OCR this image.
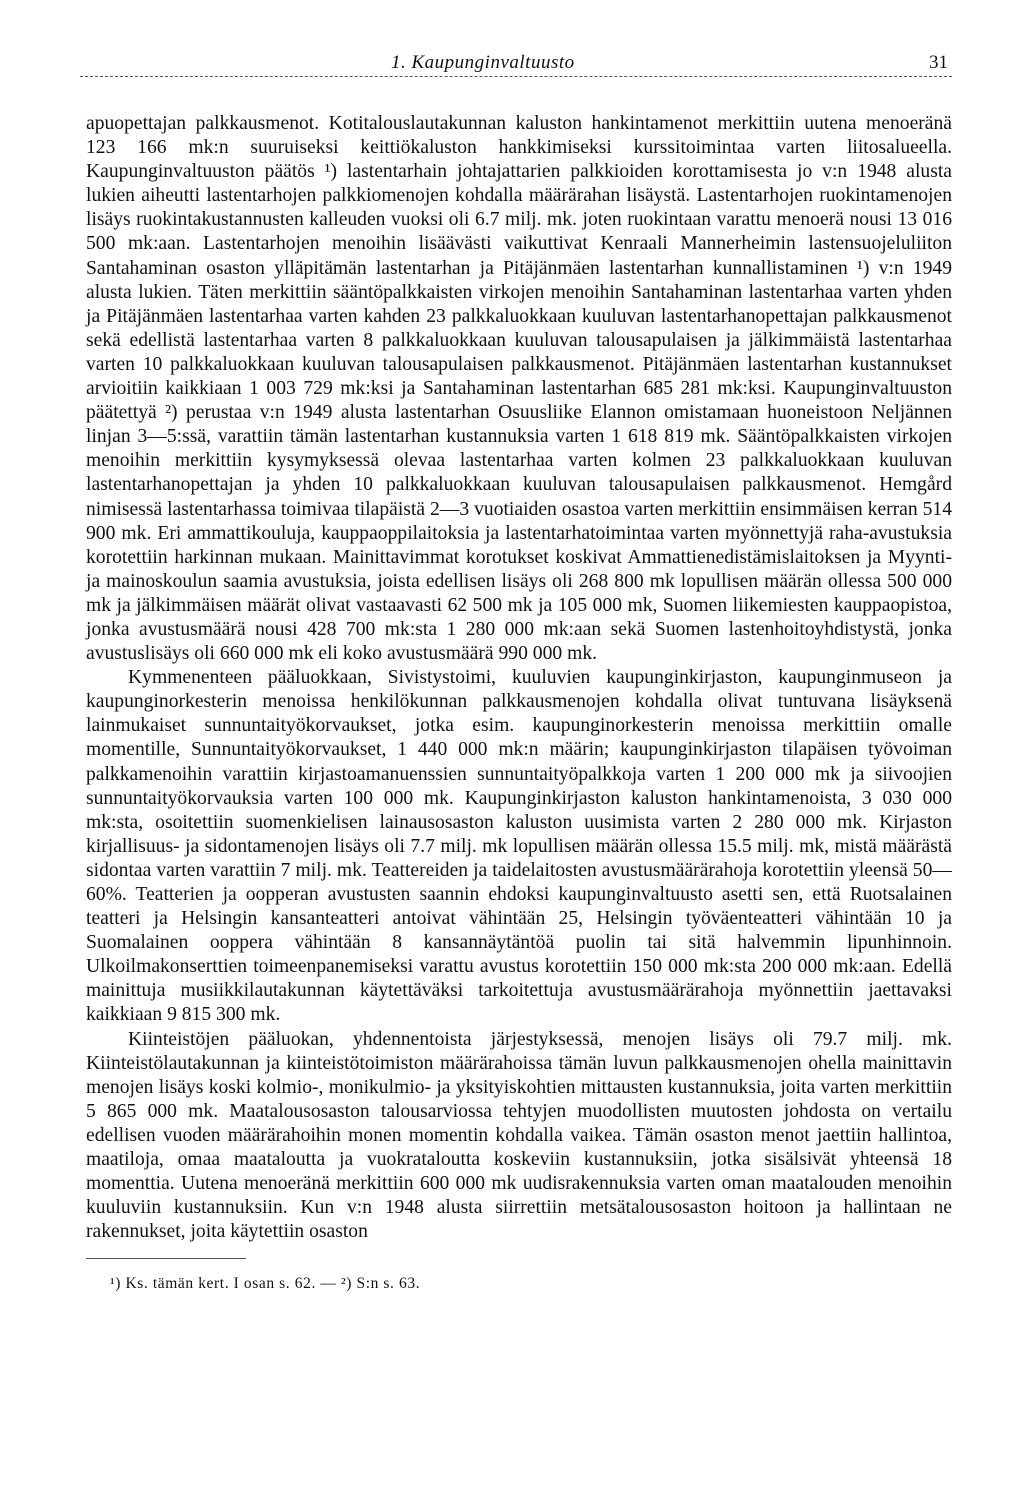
1. Kaupunginvaltuusto	31

apuopettajan palkkausmenot. Kotitalouslautakunnan kaluston hankintamenot merkittiin uutena menoeränä 123 166 mk:n suuruiseksi keittiökaluston hankkimiseksi kurssitoimintaa varten liitosalueella. Kaupunginvaltuuston päätös ¹) lastentarhain johtajattarien palkkioiden korottamisesta jo v:n 1948 alusta lukien aiheutti lastentarhojen palkkiomenojen kohdalla määrärahan lisäystä. Lastentarhojen ruokintamenojen lisäys ruokintakustannusten kalleuden vuoksi oli 6.7 milj. mk. joten ruokintaan varattu menoerä nousi 13 016 500 mk:aan. Lastentarhojen menoihin lisäävästi vaikuttivat Kenraali Mannerheimin lastensuojeluliiton Santahaminan osaston ylläpitämän lastentarhan ja Pitäjänmäen lastentarhan kunnallistaminen ¹) v:n 1949 alusta lukien. Täten merkittiin sääntöpalkkaisten virkojen menoihin Santahaminan lastentarhaa varten yhden ja Pitäjänmäen lastentarhaa varten kahden 23 palkkaluokkaan kuuluvan lastentarhanopettajan palkkausmenot sekä edellistä lastentarhaa varten 8 palkkaluokkaan kuuluvan talousapulaisen ja jälkimmäistä lastentarhaa varten 10 palkkaluokkaan kuuluvan talousapulaisen palkkausmenot. Pitäjänmäen lastentarhan kustannukset arvioitiin kaikkiaan 1 003 729 mk:ksi ja Santahaminan lastentarhan 685 281 mk:ksi. Kaupunginvaltuuston päätettyä ²) perustaa v:n 1949 alusta lastentarhan Osuusliike Elannon omistamaan huoneistoon Neljännen linjan 3—5:ssä, varattiin tämän lastentarhan kustannuksia varten 1 618 819 mk. Sääntöpalkkaisten virkojen menoihin merkittiin kysymyksessä olevaa lastentarhaa varten kolmen 23 palkkaluokkaan kuuluvan lastentarhanopettajan ja yhden 10 palkkaluokkaan kuuluvan talousapulaisen palkkausmenot. Hemgård nimisessä lastentarhassa toimivaa tilapäistä 2—3 vuotiaiden osastoa varten merkittiin ensimmäisen kerran 514 900 mk. Eri ammattikouluja, kauppaoppilaitoksia ja lastentarhatoimintaa varten myönnettyjä raha-avustuksia korotettiin harkinnan mukaan. Mainittavimmat korotukset koskivat Ammattienedistämislaitoksen ja Myynti- ja mainoskoulun saamia avustuksia, joista edellisen lisäys oli 268 800 mk lopullisen määrän ollessa 500 000 mk ja jälkimmäisen määrät olivat vastaavasti 62 500 mk ja 105 000 mk, Suomen liikemiesten kauppaopistoa, jonka avustusmäärä nousi 428 700 mk:sta 1 280 000 mk:aan sekä Suomen lastenhoitoyhdistystä, jonka avustuslisäys oli 660 000 mk eli koko avustusmäärä 990 000 mk.

Kymmenenteen pääluokkaan, Sivistystoimi, kuuluvien kaupunginkirjaston, kaupunginmuseon ja kaupunginorkesterin menoissa henkilökunnan palkkausmenojen kohdalla olivat tuntuvana lisäyksenä lainmukaiset sunnuntaityökorvaukset, jotka esim. kaupunginorkesterin menoissa merkittiin omalle momentille, Sunnuntaityökorvaukset, 1 440 000 mk:n määrin; kaupunginkirjaston tilapäisen työvoiman palkkamenoihin varattiin kirjastoamanuenssien sunnuntaityöpalkkoja varten 1 200 000 mk ja siivoojien sunnuntaityökorvauksia varten 100 000 mk. Kaupunginkirjaston kaluston hankintamenoista, 3 030 000 mk:sta, osoitettiin suomenkielisen lainausosaston kaluston uusimista varten 2 280 000 mk. Kirjaston kirjallisuus- ja sidontamenojen lisäys oli 7.7 milj. mk lopullisen määrän ollessa 15.5 milj. mk, mistä määrästä sidontaa varten varattiin 7 milj. mk. Teattereiden ja taidelaitosten avustusmäärärahoja korotettiin yleensä 50—60%. Teatterien ja oopperan avustusten saannin ehdoksi kaupunginvaltuusto asetti sen, että Ruotsalainen teatteri ja Helsingin kansanteatteri antoivat vähintään 25, Helsingin työväenteatteri vähintään 10 ja Suomalainen ooppera vähintään 8 kansannäytäntöä puolin tai sitä halvemmin lipunhinnoin. Ulkoilmakonserttien toimeenpanemiseksi varattu avustus korotettiin 150 000 mk:sta 200 000 mk:aan. Edellä mainittuja musiikkilautakunnan käytettäväksi tarkoitettuja avustusmäärärahoja myönnettiin jaettavaksi kaikkiaan 9 815 300 mk.

Kiinteistöjen pääluokan, yhdennentoista järjestyksessä, menojen lisäys oli 79.7 milj. mk. Kiinteistölautakunnan ja kiinteistötoimiston määrärahoissa tämän luvun palkkausmenojen ohella mainittavin menojen lisäys koski kolmio-, monikulmio- ja yksityiskohtien mittausten kustannuksia, joita varten merkittiin 5 865 000 mk. Maatalousosaston talousarviossa tehtyjen muodollisten muutosten johdosta on vertailu edellisen vuoden määrärahoihin monen momentin kohdalla vaikea. Tämän osaston menot jaettiin hallintoa, maatiloja, omaa maataloutta ja vuokrataloutta koskeviin kustannuksiin, jotka sisälsivät yhteensä 18 momenttia. Uutena menoeränä merkittiin 600 000 mk uudisrakennuksia varten oman maatalouden menoihin kuuluviin kustannuksiin. Kun v:n 1948 alusta siirrettiin metsätalousosaston hoitoon ja hallintaan ne rakennukset, joita käytettiin osaston

¹) Ks. tämän kert. I osan s. 62. — ²) S:n s. 63.
